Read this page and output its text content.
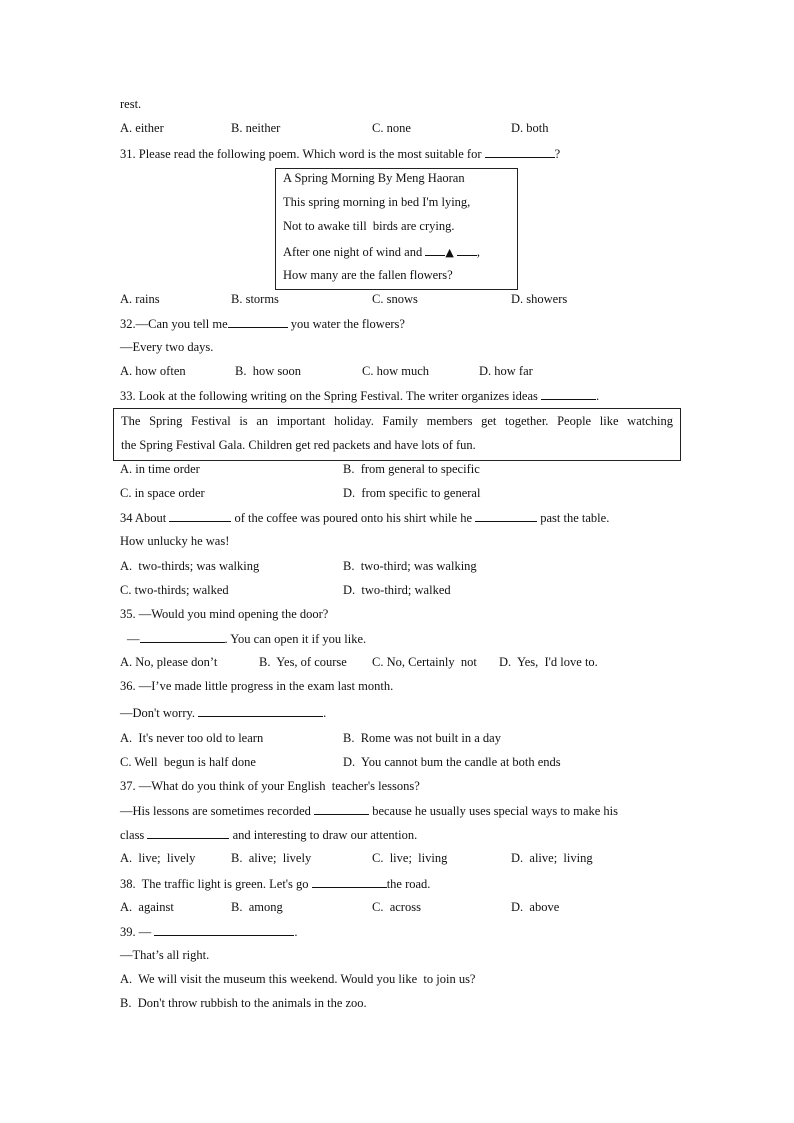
rest.
A. either	B. neither	C. none	D. both
31. Please read the following poem. Which word is the most suitable for	?
A Spring Morning By Meng Haoran
This spring morning in bed I'm lying,
Not to awake till  birds are crying.
After one night of wind and ▲ ,
How many are the fallen flowers?
A. rains	B. storms	C. snows	D. showers
32.—Can you tell me	you water the flowers?
—Every two days.
A. how often	B.  how soon	C. how much	D. how far
33. Look at the following writing on the Spring Festival. The writer organizes ideas	.
The Spring Festival is an important holiday. Family members get together. People like watching
the Spring Festival Gala. Children get red packets and have lots of fun.
A. in time order	B.  from general to specific
C. in space order	D.  from specific to general
34 About	of the coffee was poured onto his shirt while he	past the table.
How unlucky he was!
A.  two-thirds; was walking	B.  two-third; was walking
C. two-thirds; walked	D.  two-third; walked
35. —Would you mind opening the door?
—	. You can open it if you like.
A. No, please don’t	B.  Yes, of course C. No, Certainly  not D.  Yes,  I'd love to.
36. —I’ve made little progress in the exam last month.
—Don't worry.	.
A.  It's never too old to learn	B.  Rome was not built in a day
C. Well  begun is half done	D.  You cannot bum the candle at both ends
37. —What do you think of your English  teacher's lessons?
—His lessons are sometimes recorded	because he usually uses special ways to make his
class	and interesting to draw our attention.
A.  live;  lively	B.  alive;  lively	C.  live;  living	D.  alive;  living
38.  The traffic light is green. Let's go	the road.
A.  against	B.  among	C.  across	D.  above
39. —	.
—That’s all right.
A.  We will visit the museum this weekend. Would you like  to join us?
B.  Don't throw rubbish to the animals in the zoo.
